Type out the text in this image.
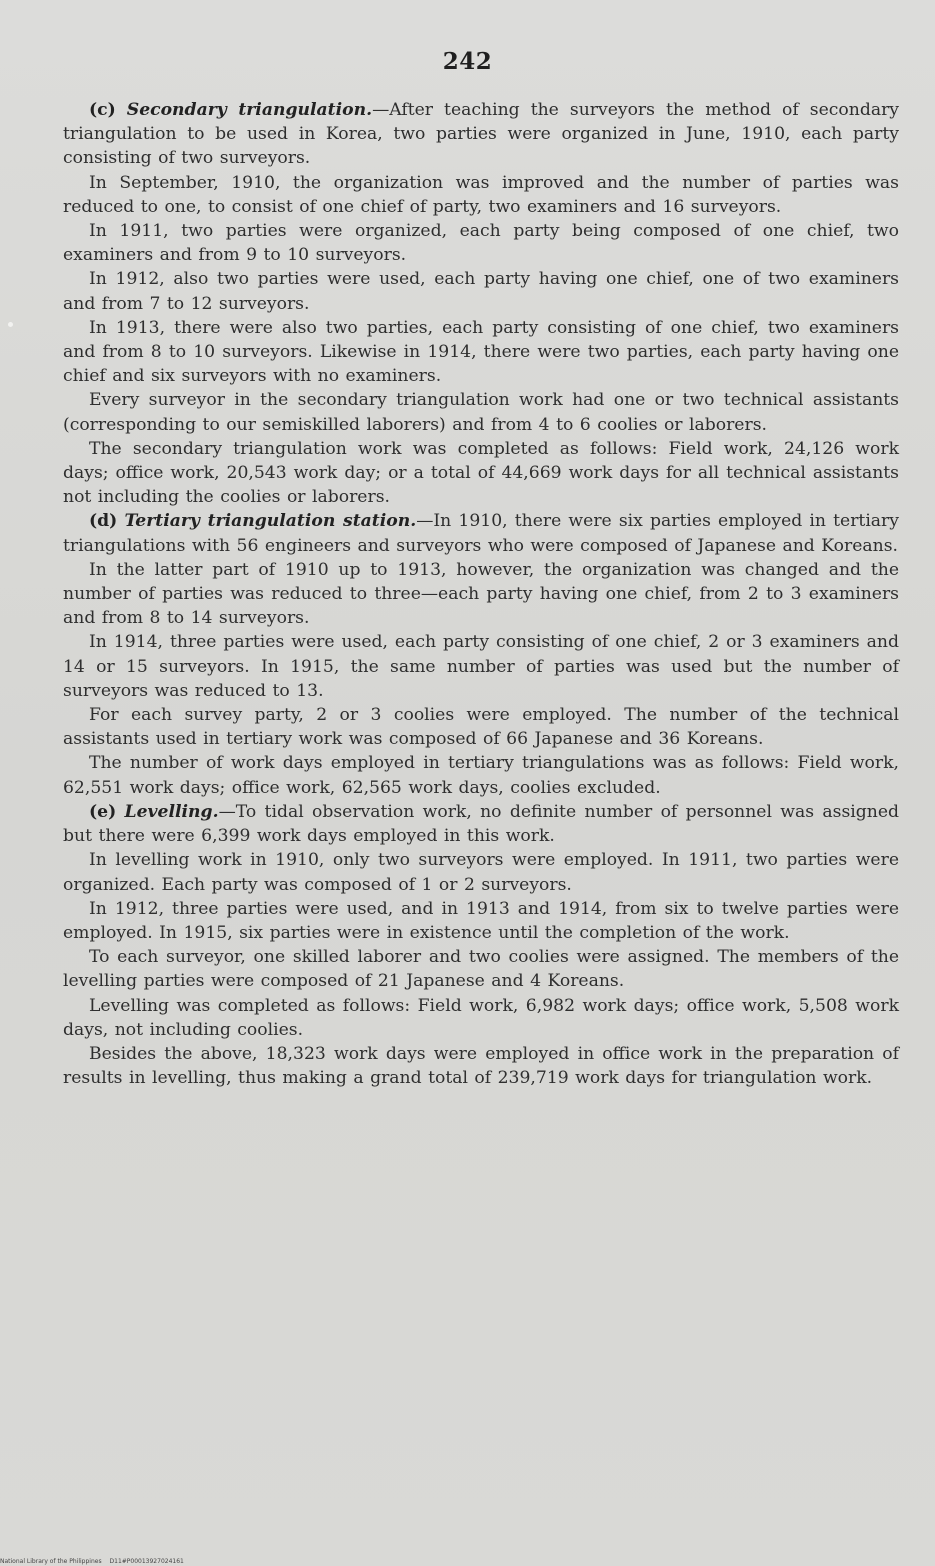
242

(c) Secondary triangulation.—After teaching the surveyors the method of secondary triangulation to be used in Korea, two parties were organized in June, 1910, each party consisting of two surveyors.

In September, 1910, the organization was improved and the number of parties was reduced to one, to consist of one chief of party, two examiners and 16 surveyors.

In 1911, two parties were organized, each party being composed of one chief, two examiners and from 9 to 10 surveyors.

In 1912, also two parties were used, each party having one chief, one of two examiners and from 7 to 12 surveyors.

In 1913, there were also two parties, each party consisting of one chief, two examiners and from 8 to 10 surveyors. Likewise in 1914, there were two parties, each party having one chief and six surveyors with no examiners.

Every surveyor in the secondary triangulation work had one or two technical assistants (corresponding to our semiskilled laborers) and from 4 to 6 coolies or laborers.

The secondary triangulation work was completed as follows: Field work, 24,126 work days; office work, 20,543 work day; or a total of 44,669 work days for all technical assistants not including the coolies or laborers.

(d) Tertiary triangulation station.—In 1910, there were six parties employed in tertiary triangulations with 56 engineers and surveyors who were composed of Japanese and Koreans.

In the latter part of 1910 up to 1913, however, the organization was changed and the number of parties was reduced to three—each party having one chief, from 2 to 3 examiners and from 8 to 14 surveyors.

In 1914, three parties were used, each party consisting of one chief, 2 or 3 examiners and 14 or 15 surveyors. In 1915, the same number of parties was used but the number of surveyors was reduced to 13.

For each survey party, 2 or 3 coolies were employed. The number of the technical assistants used in tertiary work was composed of 66 Japanese and 36 Koreans.

The number of work days employed in tertiary triangulations was as follows: Field work, 62,551 work days; office work, 62,565 work days, coolies excluded.

(e) Levelling.—To tidal observation work, no definite number of personnel was assigned but there were 6,399 work days employed in this work.

In levelling work in 1910, only two surveyors were employed. In 1911, two parties were organized. Each party was composed of 1 or 2 surveyors.

In 1912, three parties were used, and in 1913 and 1914, from six to twelve parties were employed. In 1915, six parties were in existence until the completion of the work.

To each surveyor, one skilled laborer and two coolies were assigned. The members of the levelling parties were composed of 21 Japanese and 4 Koreans.

Levelling was completed as follows: Field work, 6,982 work days; office work, 5,508 work days, not including coolies.

Besides the above, 18,323 work days were employed in office work in the preparation of results in levelling, thus making a grand total of 239,719 work days for triangulation work.

National Library of the Philippines D11#P00013927024161
